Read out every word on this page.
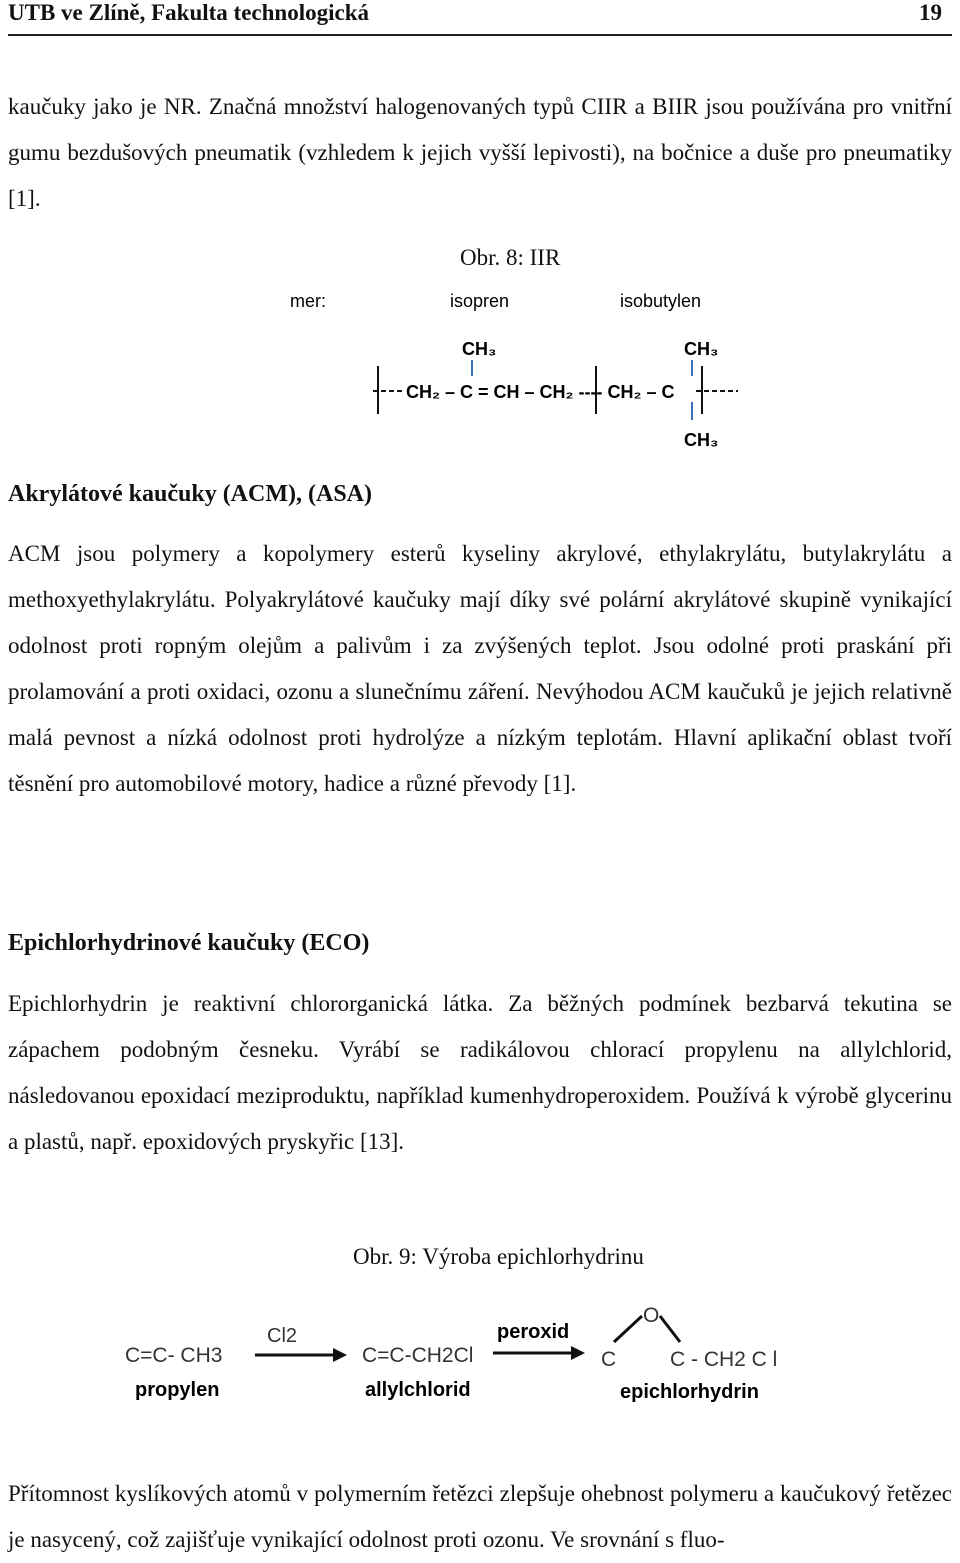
UTB ve Zlíně, Fakulta technologická	19

kaučuky jako je NR. Značná množství halogenovaných typů CIIR a BIIR jsou používána pro vnitřní gumu bezdušových pneumatik (vzhledem k jejich vyšší lepivosti), na bočnice a duše pro pneumatiky [1].

Obr. 8: IIR
mer:	isopren	isobutylen
CH₃	CH₃
CH₂ – C = CH – CH₂ ---- CH₂ – C
CH₃
Akrylátové kaučuky (ACM), (ASA)

ACM jsou polymery a kopolymery esterů kyseliny akrylové, ethylakrylátu, butylakrylátu a methoxyethylakrylátu. Polyakrylátové kaučuky mají díky své polární akrylátové skupině vynikající odolnost proti ropným olejům a palivům i za zvýšených teplot. Jsou odolné proti praskání při prolamování a proti oxidaci, ozonu a slunečnímu záření. Nevýhodou ACM kaučuků je jejich relativně malá pevnost a nízká odolnost proti hydrolýze a nízkým teplotám. Hlavní aplikační oblast tvoří těsnění pro automobilové motory, hadice a různé převody [1].

Epichlorhydrinové kaučuky (ECO)

Epichlorhydrin je reaktivní chlororganická látka. Za běžných podmínek bezbarvá tekutina se zápachem podobným česneku. Vyrábí se radikálovou chlorací propylenu na allylchlorid, následovanou epoxidací meziproduktu, například kumenhydroperoxidem. Používá k výrobě glycerinu a plastů, např. epoxidových pryskyřic [13].

Obr. 9: Výroba epichlorhydrinu
C=C- CH3
propylen
Cl2
C=C-CH2Cl
allylchlorid
peroxid
O
C	C - CH2 C l
epichlorhydrin

Přítomnost kyslíkových atomů v polymerním řetězci zlepšuje ohebnost polymeru a kaučukový řetězec je nasycený, což zajišťuje vynikající odolnost proti ozonu. Ve srovnání s fluo-
